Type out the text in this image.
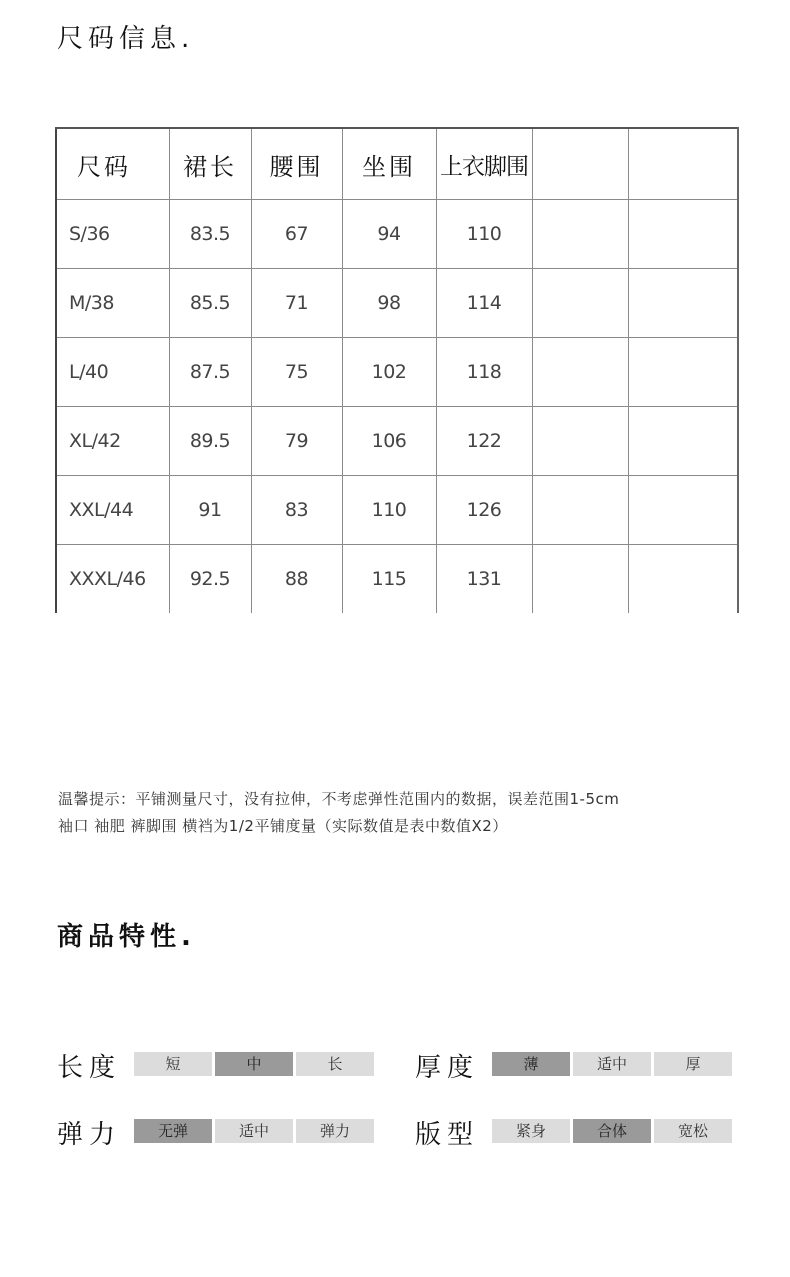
尺码信息.
尺码	裙长	腰围	坐围	上衣脚围		
S/36	83.5	67	94	110		
M/38	85.5	71	98	114		
L/40	87.5	75	102	118		
XL/42	89.5	79	106	122		
XXL/44	91	83	110	126		
XXXL/46	92.5	88	115	131		
温馨提示：平铺测量尺寸，没有拉伸，不考虑弹性范围内的数据，误差范围1-5cm
袖口 袖肥 裤脚围 横裆为1/2平铺度量（实际数值是表中数值X2）
商品特性.
长度	短	中	长	厚度	薄	适中	厚
弹力	无弹	适中	弹力	版型	紧身	合体	宽松
